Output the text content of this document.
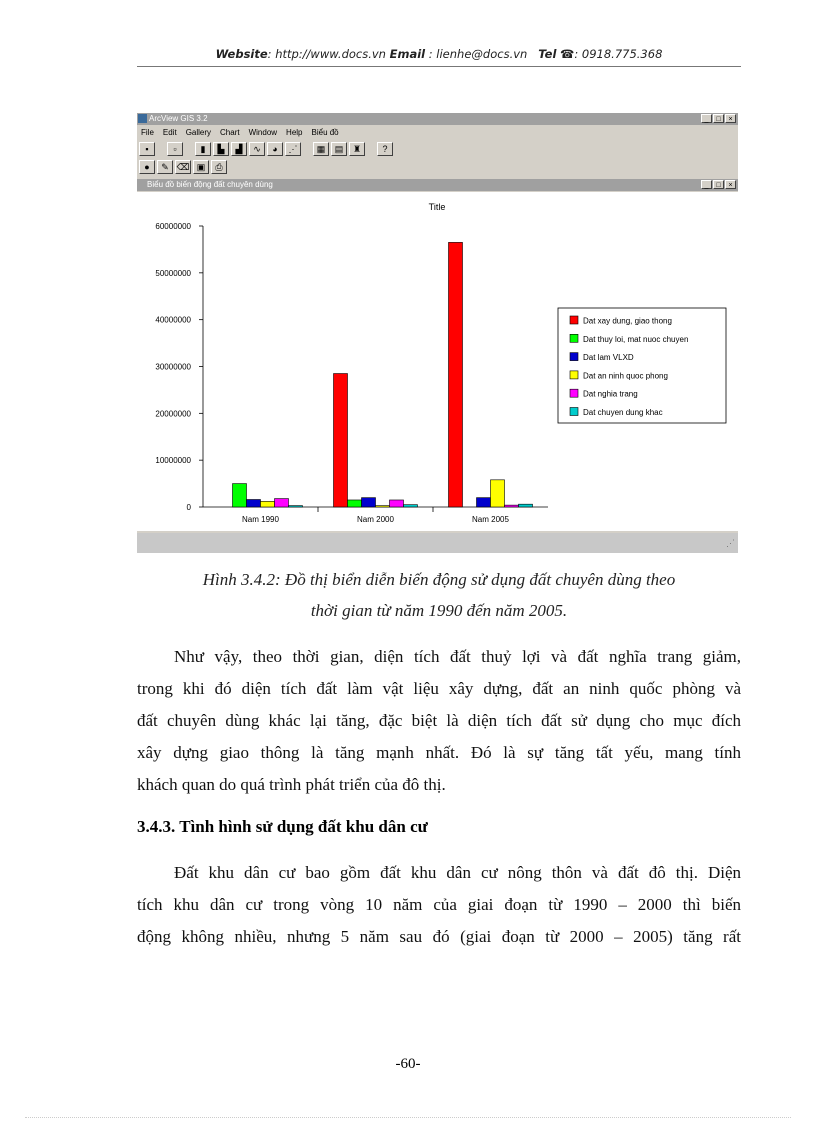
Website: http://www.docs.vn Email : lienhe@docs.vn Tel ☎: 0918.775.368
ArcView GIS 3.2	_	□	×
File Edit Gallery Chart Window Help Biểu đồ
▪	▫	▮	▙	▟	∿	◕	⋰	▦	▤	♜	?
●	✎ ⌫ ▣	⎙
Biểu đồ biến động đất chuyên dùng	_	□	×
Title
0
10000000
20000000
30000000
40000000
50000000
60000000
Nam 1990	Nam 2000	Nam 2005
Dat xay dung, giao thong
Dat thuy loi, mat nuoc chuyen
Dat lam VLXD
Dat an ninh quoc phong
Dat nghia trang
Dat chuyen dung khac
⋰
Hình 3.4.2: Đồ thị biển diễn biến động sử dụng đất chuyên dùng theo
thời gian từ năm 1990 đến năm 2005.
Như vậy, theo thời gian, diện tích đất thuỷ lợi và đất nghĩa trang giảm,
trong khi đó diện tích đất làm vật liệu xây dựng, đất an ninh quốc phòng và
đất chuyên dùng khác lại tăng, đặc biệt là diện tích đất sử dụng cho mục đích
xây dựng giao thông là tăng mạnh nhất. Đó là sự tăng tất yếu, mang tính
khách quan do quá trình phát triển của đô thị.
3.4.3. Tình hình sử dụng đất khu dân cư
Đất khu dân cư bao gồm đất khu dân cư nông thôn và đất đô thị. Diện
tích khu dân cư trong vòng 10 năm của giai đoạn từ 1990 – 2000 thì biến
động không nhiều, nhưng 5 năm sau đó (giai đoạn từ 2000 – 2005) tăng rất
-60-
